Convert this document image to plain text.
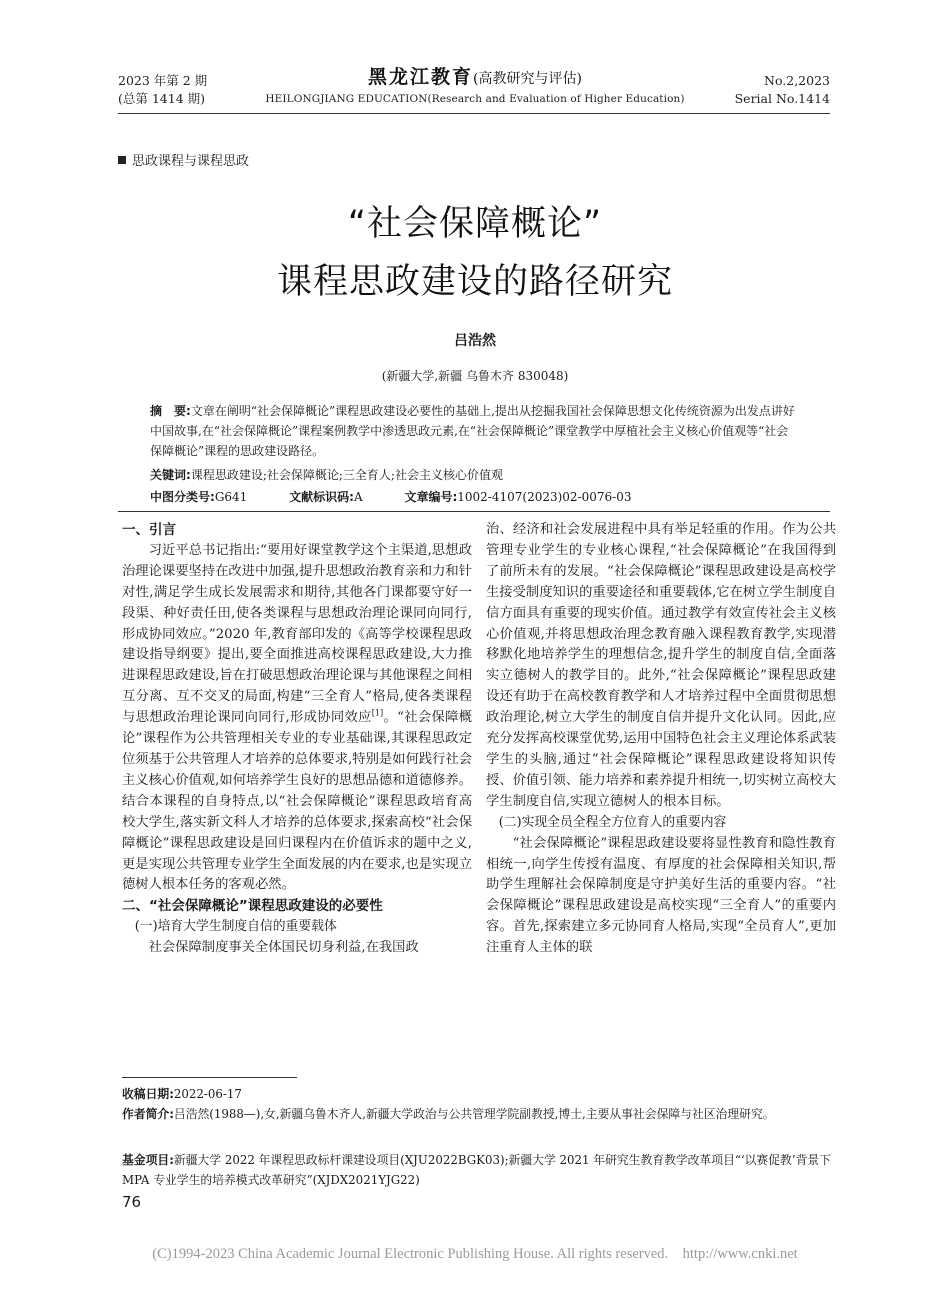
2023 年第 2 期
(总第 1414 期)
黑龙江教育(高教研究与评估)
HEILONGJIANG EDUCATION(Research and Evaluation of Higher Education)
No.2,2023
Serial No.1414
思政课程与课程思政
“社会保障概论”
课程思政建设的路径研究
吕浩然
(新疆大学,新疆 乌鲁木齐 830048)
摘　要:文章在阐明“社会保障概论”课程思政建设必要性的基础上,提出从挖掘我国社会保障思想文化传统资源为出发点讲好中国故事,在“社会保障概论”课程案例教学中渗透思政元素,在“社会保障概论”课堂教学中厚植社会主义核心价值观等“社会保障概论”课程的思政建设路径。
关键词:课程思政建设;社会保障概论;三全育人;社会主义核心价值观
中图分类号:G641	文献标识码:A	文章编号:1002-4107(2023)02-0076-03

一、引言

习近平总书记指出:“要用好课堂教学这个主渠道,思想政治理论课要坚持在改进中加强,提升思想政治教育亲和力和针对性,满足学生成长发展需求和期待,其他各门课都要守好一段渠、种好责任田,使各类课程与思想政治理论课同向同行,形成协同效应。”2020 年,教育部印发的《高等学校课程思政建设指导纲要》提出,要全面推进高校课程思政建设,大力推进课程思政建设,旨在打破思想政治理论课与其他课程之间相互分离、互不交叉的局面,构建“三全育人”格局,使各类课程与思想政治理论课同向同行,形成协同效应[1]。“社会保障概论”课程作为公共管理相关专业的专业基础课,其课程思政定位须基于公共管理人才培养的总体要求,特别是如何践行社会主义核心价值观,如何培养学生良好的思想品德和道德修养。结合本课程的自身特点,以“社会保障概论”课程思政培育高校大学生,落实新文科人才培养的总体要求,探索高校“社会保障概论”课程思政建设是回归课程内在价值诉求的题中之义,更是实现公共管理专业学生全面发展的内在要求,也是实现立德树人根本任务的客观必然。

二、“社会保障概论”课程思政建设的必要性

(一)培育大学生制度自信的重要载体

社会保障制度事关全体国民切身利益,在我国政

治、经济和社会发展进程中具有举足轻重的作用。作为公共管理专业学生的专业核心课程,“社会保障概论”在我国得到了前所未有的发展。“社会保障概论”课程思政建设是高校学生接受制度知识的重要途径和重要载体,它在树立学生制度自信方面具有重要的现实价值。通过教学有效宣传社会主义核心价值观,并将思想政治理念教育融入课程教育教学,实现潜移默化地培养学生的理想信念,提升学生的制度自信,全面落实立德树人的教学目的。此外,“社会保障概论”课程思政建设还有助于在高校教育教学和人才培养过程中全面贯彻思想政治理论,树立大学生的制度自信并提升文化认同。因此,应充分发挥高校课堂优势,运用中国特色社会主义理论体系武装学生的头脑,通过“社会保障概论”课程思政建设将知识传授、价值引领、能力培养和素养提升相统一,切实树立高校大学生制度自信,实现立德树人的根本目标。

(二)实现全员全程全方位育人的重要内容

“社会保障概论”课程思政建设要将显性教育和隐性教育相统一,向学生传授有温度、有厚度的社会保障相关知识,帮助学生理解社会保障制度是守护美好生活的重要内容。“社会保障概论”课程思政建设是高校实现“三全育人”的重要内容。首先,探索建立多元协同育人格局,实现“全员育人”,更加注重育人主体的联

收稿日期:2022-06-17
作者简介:吕浩然(1988—),女,新疆乌鲁木齐人,新疆大学政治与公共管理学院副教授,博士,主要从事社会保障与社区治理研究。
基金项目:新疆大学 2022 年课程思政标杆课建设项目(XJU2022BGK03);新疆大学 2021 年研究生教育教学改革项目“‘以赛促教’背景下 MPA 专业学生的培养模式改革研究”(XJDX2021YJG22)
76
(C)1994-2023 China Academic Journal Electronic Publishing House. All rights reserved.　http://www.cnki.net
